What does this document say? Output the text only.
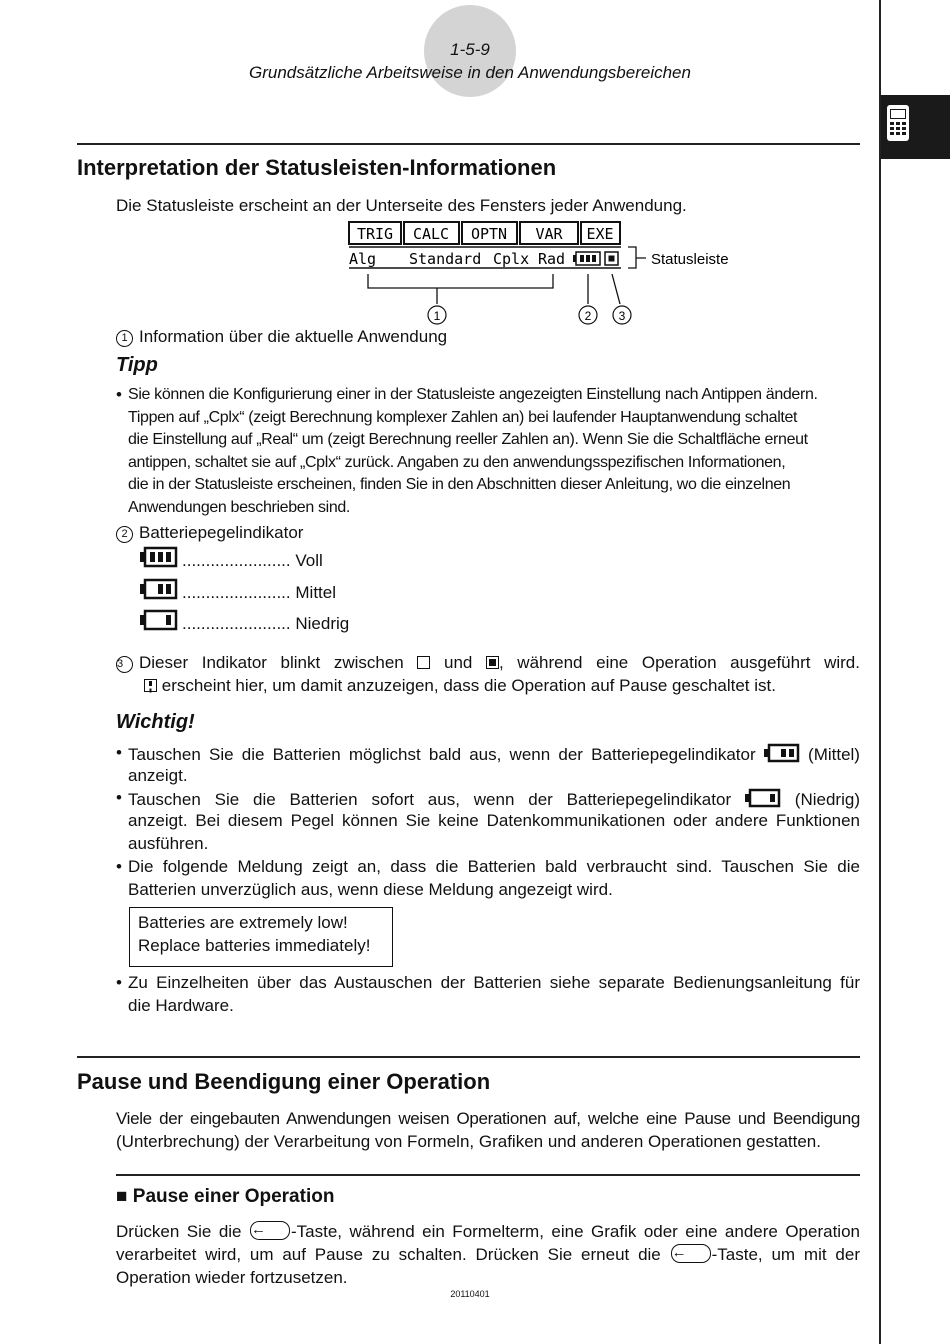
1-5-9
Grundsätzliche Arbeitsweise in den Anwendungsbereichen
Interpretation der Statusleisten-Informationen
Die Statusleiste erscheint an der Unterseite des Fensters jeder Anwendung.
TRIG CALC OPTN VAR EXE
Alg Standard Cplx Rad	Statusleiste
1	2 3
1 Information über die aktuelle Anwendung
Tipp
• Sie können die Konfigurierung einer in der Statusleiste angezeigten Einstellung nach Antippen ändern.
Tippen auf „Cplx“ (zeigt Berechnung komplexer Zahlen an) bei laufender Hauptanwendung schaltet
die Einstellung auf „Real“ um (zeigt Berechnung reeller Zahlen an). Wenn Sie die Schaltfläche erneut
antippen, schaltet sie auf „Cplx“ zurück. Angaben zu den anwendungsspezifischen Informationen,
die in der Statusleiste erscheinen, finden Sie in den Abschnitten dieser Anleitung, wo die einzelnen
Anwendungen beschrieben sind.
2 Batteriepegelindikator
....................... Voll
....................... Mittel
....................... Niedrig
3 Dieser Indikator blinkt zwischen und , während eine Operation ausgeführt wird.
erscheint hier, um damit anzuzeigen, dass die Operation auf Pause geschaltet ist.
Wichtig!
• Tauschen Sie die Batterien möglichst bald aus, wenn der Batteriepegelindikator	(Mittel)
anzeigt.
• Tauschen Sie die Batterien sofort aus, wenn der Batteriepegelindikator	(Niedrig)
anzeigt. Bei diesem Pegel können Sie keine Datenkommunikationen oder andere Funktionen
ausführen.
• Die folgende Meldung zeigt an, dass die Batterien bald verbraucht sind. Tauschen Sie die
Batterien unverzüglich aus, wenn diese Meldung angezeigt wird.
Batteries are extremely low!
Replace batteries immediately!
• Zu Einzelheiten über das Austauschen der Batterien siehe separate Bedienungsanleitung für
die Hardware.
Pause und Beendigung einer Operation
Viele der eingebauten Anwendungen weisen Operationen auf, welche eine Pause und Beendigung
(Unterbrechung) der Verarbeitung von Formeln, Grafiken und anderen Operationen gestatten.
■ Pause einer Operation
Drücken Sie die ←	-Taste, während ein Formelterm, eine Grafik oder eine andere Operation
verarbeitet wird, um auf Pause zu schalten. Drücken Sie erneut die ←	-Taste, um mit der
Operation wieder fortzusetzen.
20110401
